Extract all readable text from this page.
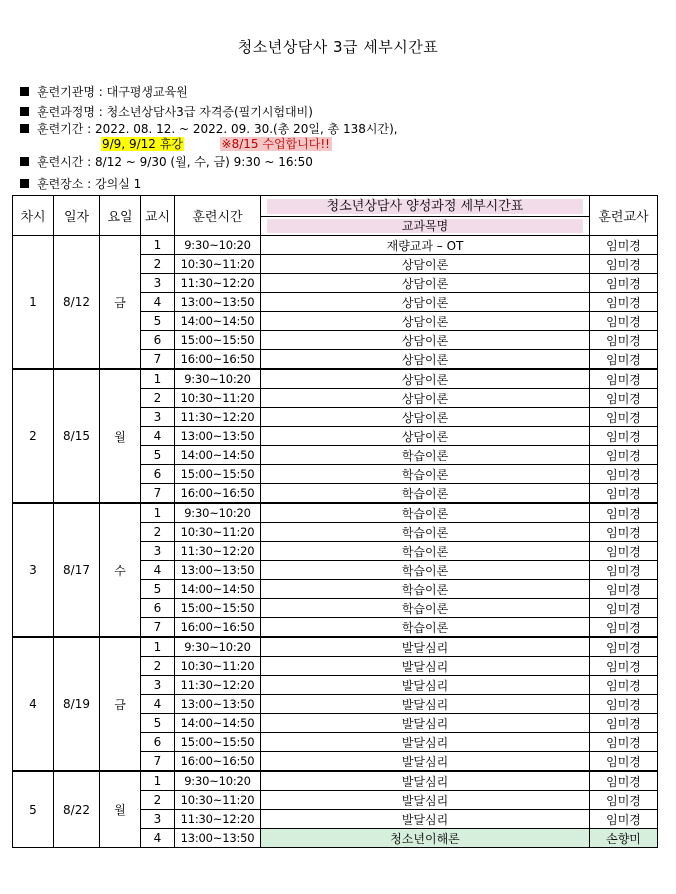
청소년상담사 3급 세부시간표
훈련기관명 : 대구평생교육원
훈련과정명 : 청소년상담사3급 자격증(필기시험대비)
훈련기간 : 2022. 08. 12. ~ 2022. 09. 30.(총 20일, 총 138시간),
9/9, 9/12 휴강	※8/15 수업합니다!!
훈련시간 : 8/12 ~ 9/30 (월, 수, 금) 9:30 ~ 16:50
훈련장소 : 강의실 1
차시	일자	요일	교시	훈련시간	청소년상담사 양성과정 세부시간표	훈련교사

					교과목명	

1	8/12	금	1	9:30~10:20	재량교과 – OT	임미경
			2	10:30~11:20	상담이론	임미경
			3	11:30~12:20	상담이론	임미경
			4	13:00~13:50	상담이론	임미경
			5	14:00~14:50	상담이론	임미경
			6	15:00~15:50	상담이론	임미경
			7	16:00~16:50	상담이론	임미경
2	8/15	월	1	9:30~10:20	상담이론	임미경
			2	10:30~11:20	상담이론	임미경
			3	11:30~12:20	상담이론	임미경
			4	13:00~13:50	상담이론	임미경
			5	14:00~14:50	학습이론	임미경
			6	15:00~15:50	학습이론	임미경
			7	16:00~16:50	학습이론	임미경
3	8/17	수	1	9:30~10:20	학습이론	임미경
			2	10:30~11:20	학습이론	임미경
			3	11:30~12:20	학습이론	임미경
			4	13:00~13:50	학습이론	임미경
			5	14:00~14:50	학습이론	임미경
			6	15:00~15:50	학습이론	임미경
			7	16:00~16:50	학습이론	임미경
4	8/19	금	1	9:30~10:20	발달심리	임미경
			2	10:30~11:20	발달심리	임미경
			3	11:30~12:20	발달심리	임미경
			4	13:00~13:50	발달심리	임미경
			5	14:00~14:50	발달심리	임미경
			6	15:00~15:50	발달심리	임미경
			7	16:00~16:50	발달심리	임미경
5	8/22	월	1	9:30~10:20	발달심리	임미경
			2	10:30~11:20	발달심리	임미경
			3	11:30~12:20	발달심리	임미경
			4	13:00~13:50	청소년이해론	손향미
